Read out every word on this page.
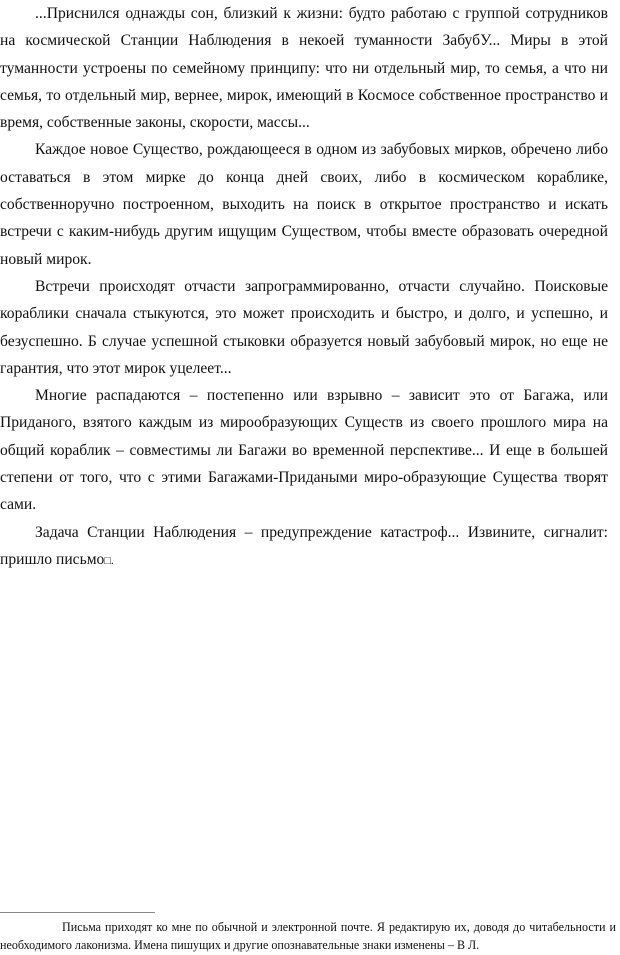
...Приснился однажды сон, близкий к жизни: будто работаю с группой сотрудников на космической Станции Наблюдения в некоей туманности ЗабубУ... Миры в этой туманности устроены по семейному принципу: что ни отдельный мир, то семья, а что ни семья, то отдельный мир, вернее, мирок, имеющий в Космосе собственное пространство и время, собственные законы, скорости, массы...

Каждое новое Существо, рождающееся в одном из забубовых мирков, обречено либо оставаться в этом мирке до конца дней своих, либо в космическом кораблике, собственноручно построенном, выходить на поиск в открытое пространство и искать встречи с каким-нибудь другим ищущим Существом, чтобы вместе образовать очередной новый мирок.

Встречи происходят отчасти запрограммированно, отчасти случайно. Поисковые кораблики сначала стыкуются, это может происходить и быстро, и долго, и успешно, и безуспешно. Б случае успешной стыковки образуется новый забубовый мирок, но еще не гарантия, что этот мирок уцелеет...

Многие распадаются – постепенно или взрывно – зависит это от Багажа, или Приданого, взятого каждым из мирообразующих Существ из своего прошлого мира на общий кораблик – совместимы ли Багажи во временной перспективе... И еще в большей степени от того, что с этими Багажами-Придаными миро-образующие Существа творят сами.

Задача Станции Наблюдения – предупреждение катастроф... Извините, сигналит: пришло письмо□.

Письма приходят ко мне по обычной и электронной почте. Я редактирую их, доводя до читабельности и необходимого лаконизма. Имена пишущих и другие опознавательные знаки изменены – В Л.
